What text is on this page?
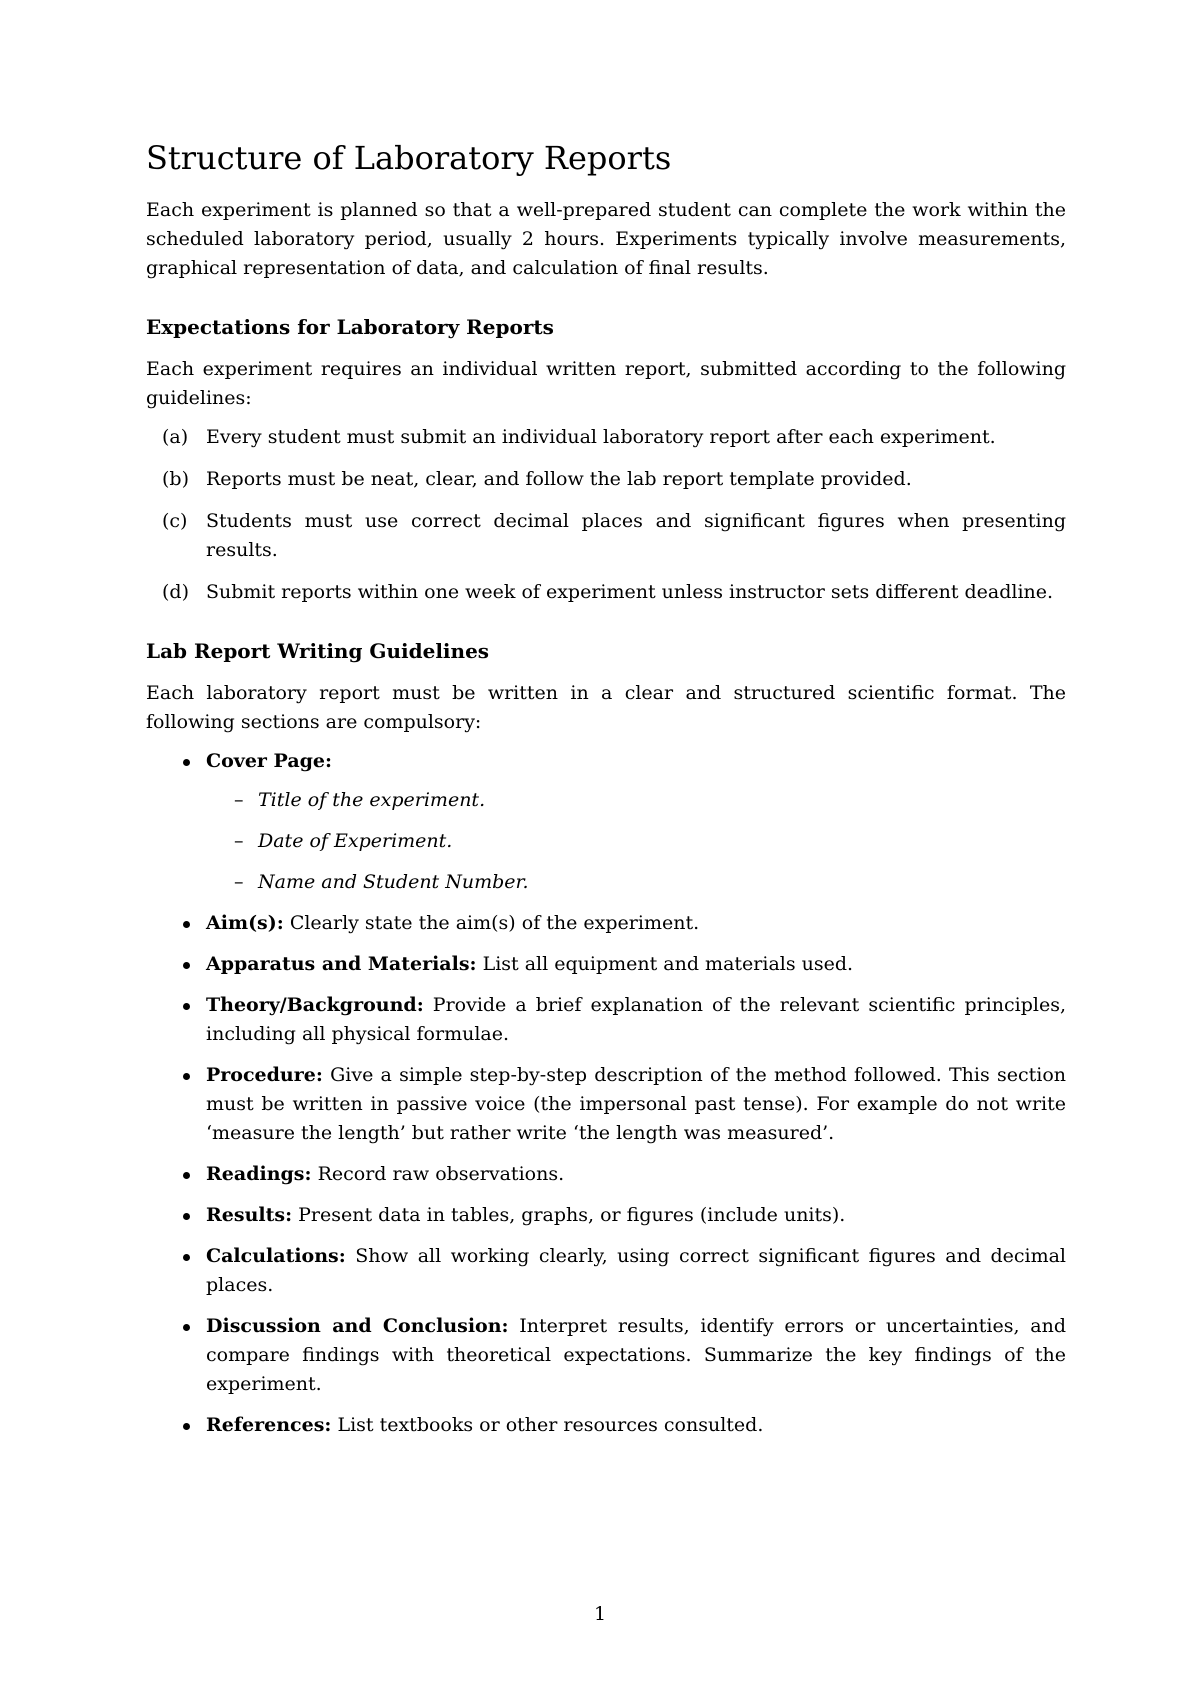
Structure of Laboratory Reports

Each experiment is planned so that a well-prepared student can complete the work within the scheduled laboratory period, usually 2 hours. Experiments typically involve measurements, graphical representation of data, and calculation of final results.

Expectations for Laboratory Reports

Each experiment requires an individual written report, submitted according to the following guidelines:

(a) Every student must submit an individual laboratory report after each experiment.
(b) Reports must be neat, clear, and follow the lab report template provided.
(c) Students must use correct decimal places and significant figures when presenting results.
(d) Submit reports within one week of experiment unless instructor sets different deadline.
Lab Report Writing Guidelines

Each laboratory report must be written in a clear and structured scientific format. The following sections are compulsory:

Cover Page:
– Title of the experiment.
– Date of Experiment.
– Name and Student Number.
Aim(s): Clearly state the aim(s) of the experiment.
Apparatus and Materials: List all equipment and materials used.
Theory/Background: Provide a brief explanation of the relevant scientific principles, including all physical formulae.
Procedure: Give a simple step-by-step description of the method followed. This section must be written in passive voice (the impersonal past tense). For example do not write ‘measure the length’ but rather write ‘the length was measured’.
Readings: Record raw observations.
Results: Present data in tables, graphs, or figures (include units).
Calculations: Show all working clearly, using correct significant figures and decimal places.
Discussion and Conclusion: Interpret results, identify errors or uncertainties, and compare findings with theoretical expectations. Summarize the key findings of the experiment.
References: List textbooks or other resources consulted.
1
